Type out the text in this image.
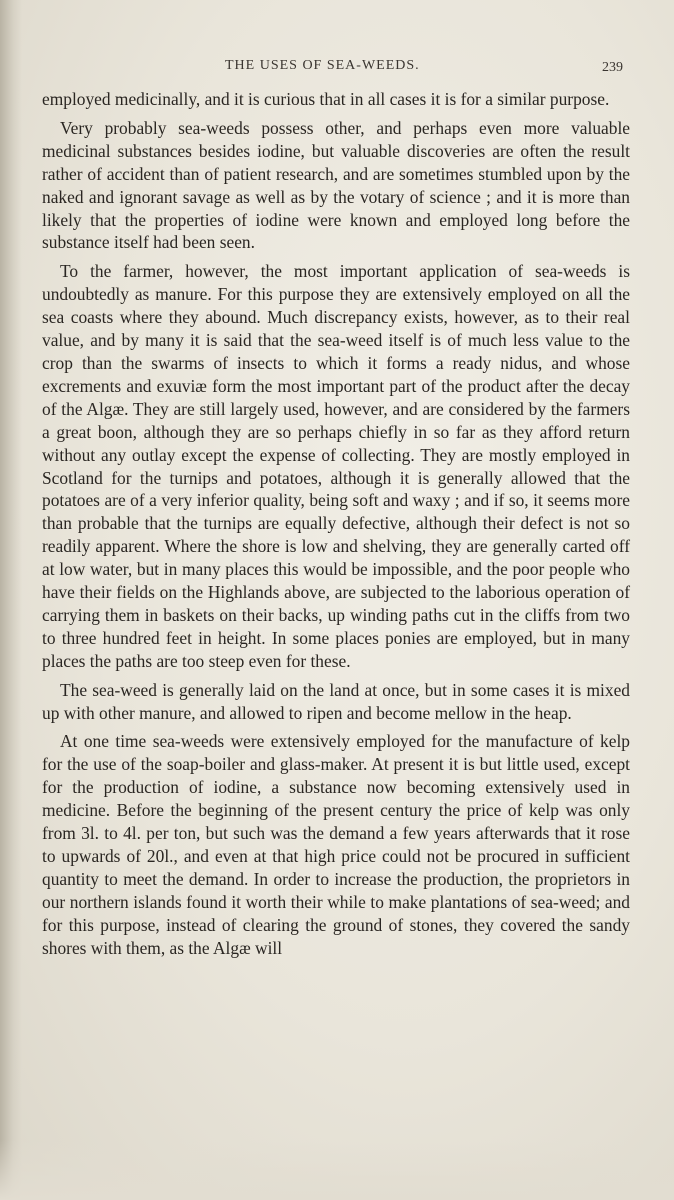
THE USES OF SEA-WEEDS.	239

employed medicinally, and it is curious that in all cases it is for a similar purpose.

Very probably sea-weeds possess other, and perhaps even more valuable medicinal substances besides iodine, but valuable discoveries are often the result rather of accident than of patient research, and are sometimes stumbled upon by the naked and ignorant savage as well as by the votary of science ; and it is more than likely that the properties of iodine were known and employed long before the substance itself had been seen.

To the farmer, however, the most important application of sea-weeds is undoubtedly as manure. For this purpose they are extensively employed on all the sea coasts where they abound. Much discrepancy exists, however, as to their real value, and by many it is said that the sea-weed itself is of much less value to the crop than the swarms of insects to which it forms a ready nidus, and whose excrements and exuviæ form the most important part of the product after the decay of the Algæ. They are still largely used, however, and are considered by the farmers a great boon, although they are so perhaps chiefly in so far as they afford return without any outlay except the expense of collecting. They are mostly employed in Scotland for the turnips and potatoes, although it is generally allowed that the potatoes are of a very inferior quality, being soft and waxy ; and if so, it seems more than probable that the turnips are equally defective, although their defect is not so readily apparent. Where the shore is low and shelving, they are generally carted off at low water, but in many places this would be impossible, and the poor people who have their fields on the Highlands above, are subjected to the laborious operation of carrying them in baskets on their backs, up winding paths cut in the cliffs from two to three hundred feet in height. In some places ponies are employed, but in many places the paths are too steep even for these.

The sea-weed is generally laid on the land at once, but in some cases it is mixed up with other manure, and allowed to ripen and become mellow in the heap.

At one time sea-weeds were extensively employed for the manufacture of kelp for the use of the soap-boiler and glass-maker. At present it is but little used, except for the production of iodine, a substance now becoming extensively used in medicine. Before the beginning of the present century the price of kelp was only from 3l. to 4l. per ton, but such was the demand a few years afterwards that it rose to upwards of 20l., and even at that high price could not be procured in sufficient quantity to meet the demand. In order to increase the production, the proprietors in our northern islands found it worth their while to make plantations of sea-weed; and for this purpose, instead of clearing the ground of stones, they covered the sandy shores with them, as the Algæ will
